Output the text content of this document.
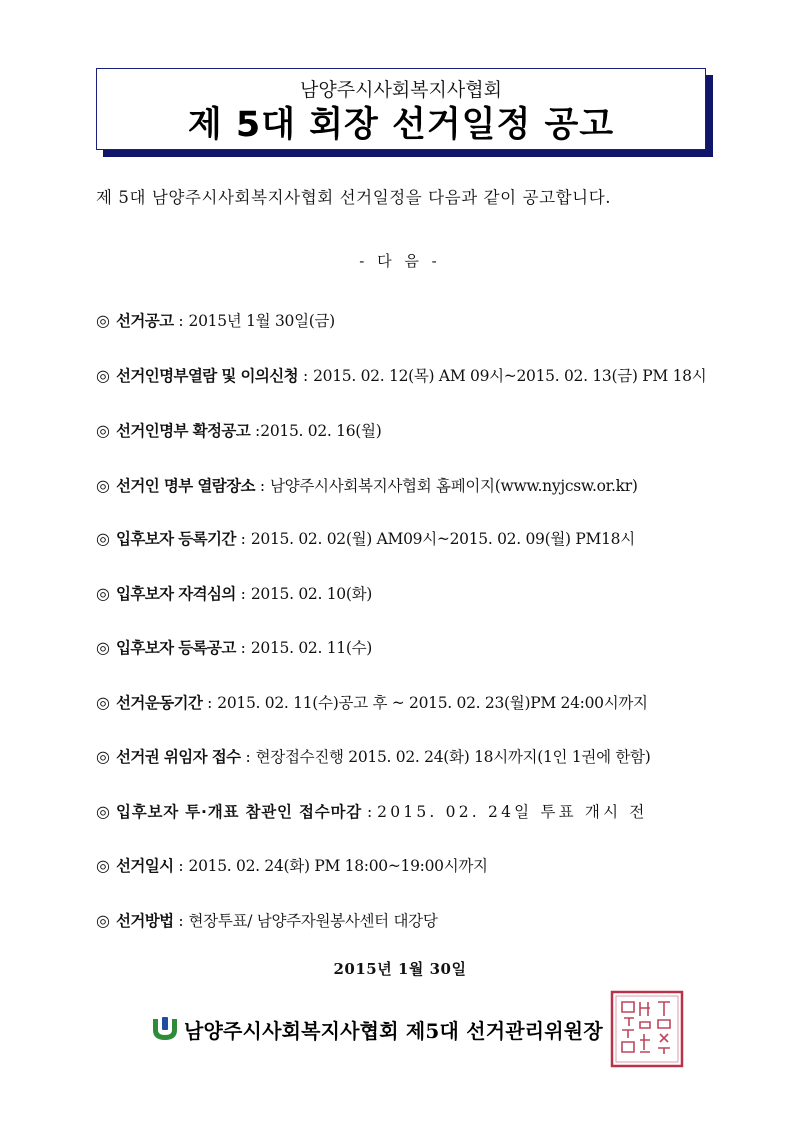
남양주시사회복지사협회
제 5대 회장 선거일정 공고
제 5대 남양주시사회복지사협회 선거일정을 다음과 같이 공고합니다.
- 다 음 -
◎ 선거공고 : 2015년 1월 30일(금)
◎ 선거인명부열람 및 이의신청 : 2015. 02. 12(목) AM 09시~2015. 02. 13(금) PM 18시
◎ 선거인명부 확정공고 :2015. 02. 16(월)
◎ 선거인 명부 열람장소 : 남양주시사회복지사협회 홈페이지(www.nyjcsw.or.kr)
◎ 입후보자 등록기간 : 2015. 02. 02(월) AM09시~2015. 02. 09(월) PM18시
◎ 입후보자 자격심의 : 2015. 02. 10(화)
◎ 입후보자 등록공고 : 2015. 02. 11(수)
◎ 선거운동기간 : 2015. 02. 11(수)공고 후 ~ 2015. 02. 23(월)PM 24:00시까지
◎ 선거권 위임자 접수 : 현장접수진행 2015. 02. 24(화) 18시까지(1인 1권에 한함)
◎ 입후보자 투·개표 참관인 접수마감 : 2015. 02. 24일 투표 개시 전
◎ 선거일시 : 2015. 02. 24(화) PM 18:00~19:00시까지
◎ 선거방법 : 현장투표/ 남양주자원봉사센터 대강당
2015년 1월 30일
남양주시사회복지사협회 제5대 선거관리위원장
